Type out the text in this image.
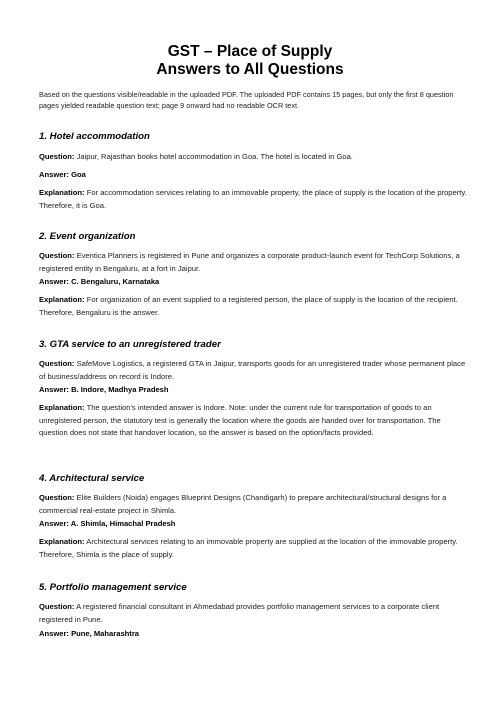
GST – Place of Supply
Answers to All Questions
Based on the questions visible/readable in the uploaded PDF. The uploaded PDF contains 15 pages, but only the first 8 question pages yielded readable question text; page 9 onward had no readable OCR text.
1. Hotel accommodation
Question: Jaipur, Rajasthan books hotel accommodation in Goa. The hotel is located in Goa.
Answer: Goa
Explanation: For accommodation services relating to an immovable property, the place of supply is the location of the property. Therefore, it is Goa.
2. Event organization
Question: Eventica Planners is registered in Pune and organizes a corporate product-launch event for TechCorp Solutions, a registered entity in Bengaluru, at a fort in Jaipur.
Answer: C. Bengaluru, Karnataka
Explanation: For organization of an event supplied to a registered person, the place of supply is the location of the recipient. Therefore, Bengaluru is the answer.
3. GTA service to an unregistered trader
Question: SafeMove Logistics, a registered GTA in Jaipur, transports goods for an unregistered trader whose permanent place of business/address on record is Indore.
Answer: B. Indore, Madhya Pradesh
Explanation: The question's intended answer is Indore. Note: under the current rule for transportation of goods to an unregistered person, the statutory test is generally the location where the goods are handed over for transportation. The question does not state that handover location, so the answer is based on the option/facts provided.
4. Architectural service
Question: Elite Builders (Noida) engages Blueprint Designs (Chandigarh) to prepare architectural/structural designs for a commercial real-estate project in Shimla.
Answer: A. Shimla, Himachal Pradesh
Explanation: Architectural services relating to an immovable property are supplied at the location of the immovable property. Therefore, Shimla is the place of supply.
5. Portfolio management service
Question: A registered financial consultant in Ahmedabad provides portfolio management services to a corporate client registered in Pune.
Answer: Pune, Maharashtra
